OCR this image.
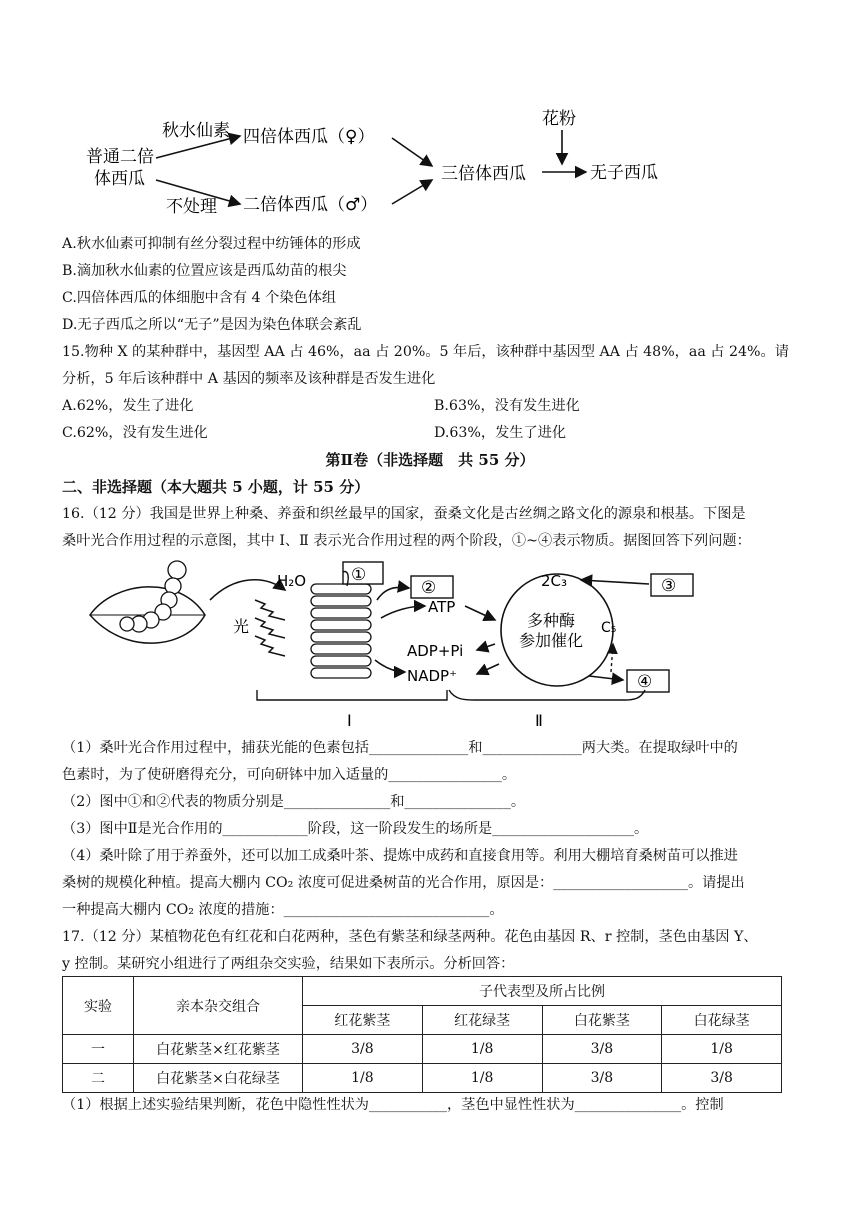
普通二倍
体西瓜
秋水仙素 四倍体西瓜（♀）
不处理 二倍体西瓜（♂）
三倍体西瓜
花粉
无子西瓜
A.秋水仙素可抑制有丝分裂过程中纺锤体的形成
B.滴加秋水仙素的位置应该是西瓜幼苗的根尖
C.四倍体西瓜的体细胞中含有 4 个染色体组
D.无子西瓜之所以“无子”是因为染色体联会紊乱
15.物种 X 的某种群中，基因型 AA 占 46%，aa 占 20%。5 年后，该种群中基因型 AA 占 48%，aa 占 24%。请
分析，5 年后该种群中 A 基因的频率及该种群是否发生进化
A.62%，发生了进化	B.63%，没有发生进化
C.62%，没有发生进化	D.63%，发生了进化
第Ⅱ卷（非选择题　共 55 分）
二、非选择题（本大题共 5 小题，计 55 分）
16.（12 分）我国是世界上种桑、养蚕和织丝最早的国家，蚕桑文化是古丝绸之路文化的源泉和根基。下图是
桑叶光合作用过程的示意图，其中 Ⅰ、Ⅱ 表示光合作用过程的两个阶段，①~④表示物质。据图回答下列问题：
H₂O
光
①
②
ATP
ADP+Pi
NADP⁺
2C₃
C₅
多种酶
参加催化
③
④
Ⅰ	Ⅱ
（1）桑叶光合作用过程中，捕获光能的色素包括______________和______________两大类。在提取绿叶中的
色素时，为了使研磨得充分，可向研钵中加入适量的________________。
（2）图中①和②代表的物质分别是_______________和_______________。
（3）图中Ⅱ是光合作用的____________阶段，这一阶段发生的场所是____________________。
（4）桑叶除了用于养蚕外，还可以加工成桑叶茶、提炼中成药和直接食用等。利用大棚培育桑树苗可以推进
桑树的规模化种植。提高大棚内 CO₂ 浓度可促进桑树苗的光合作用，原因是：___________________。请提出
一种提高大棚内 CO₂ 浓度的措施：_____________________________。
17.（12 分）某植物花色有红花和白花两种，茎色有紫茎和绿茎两种。花色由基因 R、r 控制，茎色由基因 Y、
y 控制。某研究小组进行了两组杂交实验，结果如下表所示。分析回答：
实验	亲本杂交组合	子代表型及所占比例			
		红花紫茎	红花绿茎	白花紫茎	白花绿茎
一	白花紫茎×红花紫茎	3/8	1/8	3/8	1/8
二	白花紫茎×白花绿茎	1/8	1/8	3/8	3/8
（1）根据上述实验结果判断，花色中隐性性状为___________，茎色中显性性状为_______________。控制
